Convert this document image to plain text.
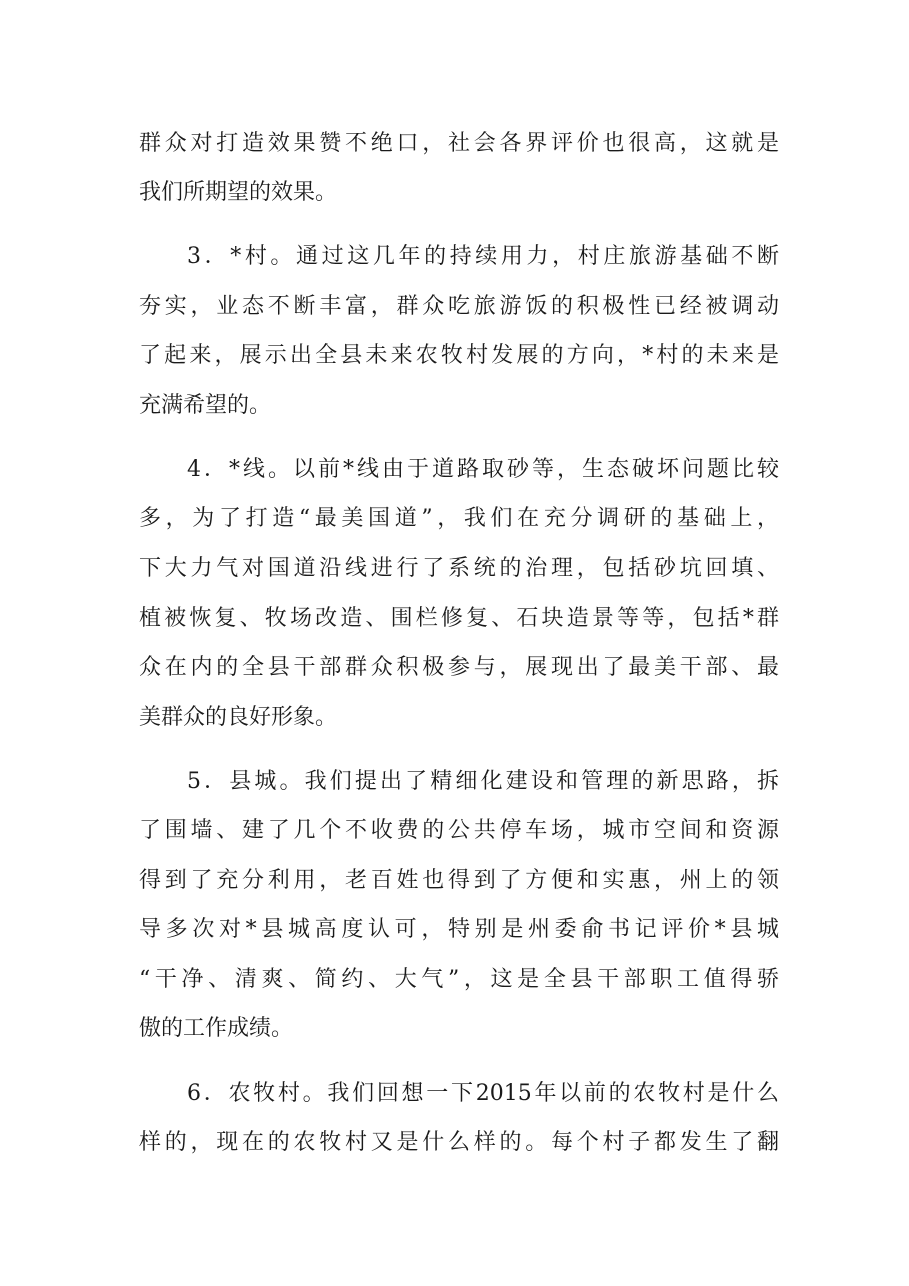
群众对打造效果赞不绝口，社会各界评价也很高，这就是
我们所期望的效果。
3．*村。通过这几年的持续用力，村庄旅游基础不断
夯实，业态不断丰富，群众吃旅游饭的积极性已经被调动
了起来，展示出全县未来农牧村发展的方向，*村的未来是
充满希望的。
4．*线。以前*线由于道路取砂等，生态破坏问题比较
多，为了打造“最美国道”，我们在充分调研的基础上，
下大力气对国道沿线进行了系统的治理，包括砂坑回填、
植被恢复、牧场改造、围栏修复、石块造景等等，包括*群
众在内的全县干部群众积极参与，展现出了最美干部、最
美群众的良好形象。
5．县城。我们提出了精细化建设和管理的新思路，拆
了围墙、建了几个不收费的公共停车场，城市空间和资源
得到了充分利用，老百姓也得到了方便和实惠，州上的领
导多次对*县城高度认可，特别是州委俞书记评价*县城
“干净、清爽、简约、大气”，这是全县干部职工值得骄
傲的工作成绩。
6．农牧村。我们回想一下2015年以前的农牧村是什么
样的，现在的农牧村又是什么样的。每个村子都发生了翻
